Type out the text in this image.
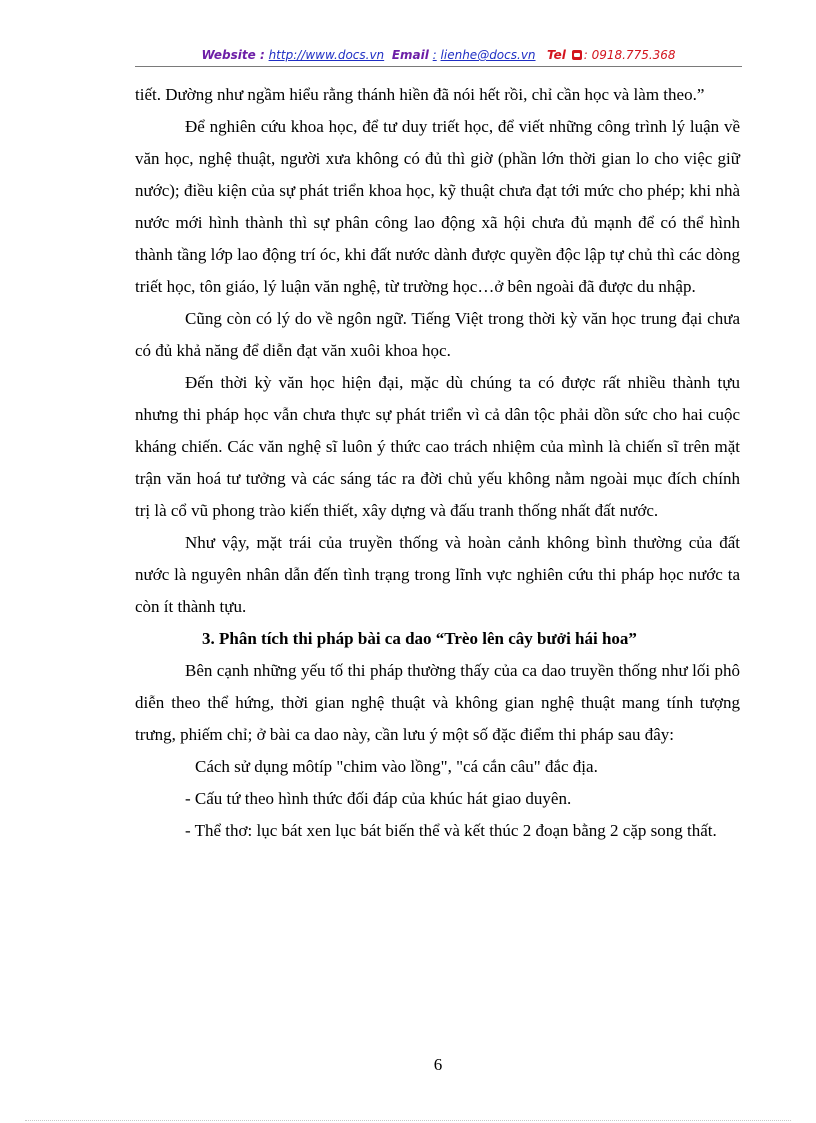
Website : http://www.docs.vn Email : lienhe@docs.vn Tel : 0918.775.368

tiết. Dường như ngầm hiểu rằng thánh hiền đã nói hết rồi, chỉ cần học và làm theo.”

Để nghiên cứu khoa học, để tư duy triết học, để viết những công trình lý luận về văn học, nghệ thuật, người xưa không có đủ thì giờ (phần lớn thời gian lo cho việc giữ nước); điều kiện của sự phát triển khoa học, kỹ thuật chưa đạt tới mức cho phép; khi nhà nước mới hình thành thì sự phân công lao động xã hội chưa đủ mạnh để có thể hình thành tầng lớp lao động trí óc, khi đất nước dành được quyền độc lập tự chủ thì các dòng triết học, tôn giáo, lý luận văn nghệ, từ trường học…ở bên ngoài đã được du nhập.

Cũng còn có lý do về ngôn ngữ. Tiếng Việt trong thời kỳ văn học trung đại chưa có đủ khả năng để diễn đạt văn xuôi khoa học.

Đến thời kỳ văn học hiện đại, mặc dù chúng ta có được rất nhiều thành tựu nhưng thi pháp học vẫn chưa thực sự phát triển vì cả dân tộc phải dồn sức cho hai cuộc kháng chiến. Các văn nghệ sĩ luôn ý thức cao trách nhiệm của mình là chiến sĩ trên mặt trận văn hoá tư tưởng và các sáng tác ra đời chủ yếu không nằm ngoài mục đích chính trị là cổ vũ phong trào kiến thiết, xây dựng và đấu tranh thống nhất đất nước.

Như vậy, mặt trái của truyền thống và hoàn cảnh không bình thường của đất nước là nguyên nhân dẫn đến tình trạng trong lĩnh vực nghiên cứu thi pháp học nước ta còn ít thành tựu.

3. Phân tích thi pháp bài ca dao “Trèo lên cây bưởi hái hoa”

Bên cạnh những yếu tố thi pháp thường thấy của ca dao truyền thống như lối phô diễn theo thể hứng, thời gian nghệ thuật và không gian nghệ thuật mang tính tượng trưng, phiếm chỉ; ở bài ca dao này, cần lưu ý một số đặc điểm thi pháp sau đây:

Cách sử dụng môtíp "chim vào lồng", "cá cắn câu" đắc địa.

- Cấu tứ theo hình thức đối đáp của khúc hát giao duyên.

- Thể thơ: lục bát xen lục bát biến thể và kết thúc 2 đoạn bằng 2 cặp song thất.

6
